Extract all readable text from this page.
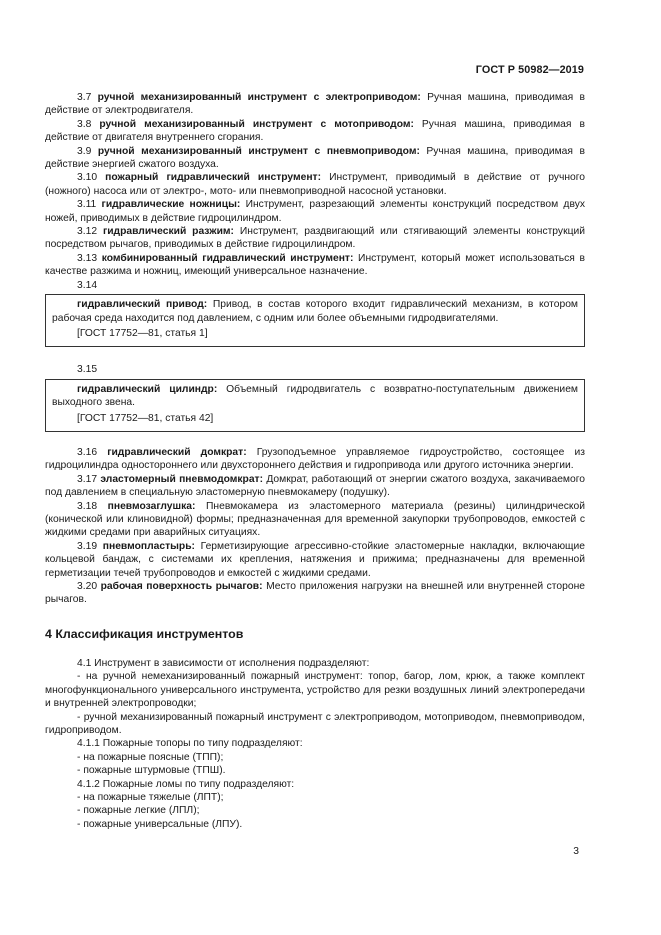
ГОСТ Р 50982—2019

3.7 ручной механизированный инструмент с электроприводом: Ручная машина, приводимая в действие от электродвигателя.

3.8 ручной механизированный инструмент с мотоприводом: Ручная машина, приводимая в действие от двигателя внутреннего сгорания.

3.9 ручной механизированный инструмент с пневмоприводом: Ручная машина, приводимая в действие энергией сжатого воздуха.

3.10 пожарный гидравлический инструмент: Инструмент, приводимый в действие от ручного (ножного) насоса или от электро-, мото- или пневмоприводной насосной установки.

3.11 гидравлические ножницы: Инструмент, разрезающий элементы конструкций посредством двух ножей, приводимых в действие гидроцилиндром.

3.12 гидравлический разжим: Инструмент, раздвигающий или стягивающий элементы конструкций посредством рычагов, приводимых в действие гидроцилиндром.

3.13 комбинированный гидравлический инструмент: Инструмент, который может использоваться в качестве разжима и ножниц, имеющий универсальное назначение.

3.14

гидравлический привод: Привод, в состав которого входит гидравлический механизм, в котором рабочая среда находится под давлением, с одним или более объемными гидродвигателями.

[ГОСТ 17752—81, статья 1]

3.15

гидравлический цилиндр: Объемный гидродвигатель с возвратно-поступательным движением выходного звена.

[ГОСТ 17752—81, статья 42]

3.16 гидравлический домкрат: Грузоподъемное управляемое гидроустройство, состоящее из гидроцилиндра одностороннего или двухстороннего действия и гидропривода или другого источника энергии.

3.17 эластомерный пневмодомкрат: Домкрат, работающий от энергии сжатого воздуха, закачиваемого под давлением в специальную эластомерную пневмокамеру (подушку).

3.18 пневмозаглушка: Пневмокамера из эластомерного материала (резины) цилиндрической (конической или клиновидной) формы; предназначенная для временной закупорки трубопроводов, емкостей с жидкими средами при аварийных ситуациях.

3.19 пневмопластырь: Герметизирующие агрессивно-стойкие эластомерные накладки, включающие кольцевой бандаж, с системами их крепления, натяжения и прижима; предназначены для временной герметизации течей трубопроводов и емкостей с жидкими средами.

3.20 рабочая поверхность рычагов: Место приложения нагрузки на внешней или внутренней стороне рычагов.

4 Классификация инструментов

4.1 Инструмент в зависимости от исполнения подразделяют:

- на ручной немеханизированный пожарный инструмент: топор, багор, лом, крюк, а также комплект многофункционального универсального инструмента, устройство для резки воздушных линий электропередачи и внутренней электропроводки;

- ручной механизированный пожарный инструмент с электроприводом, мотоприводом, пневмоприводом, гидроприводом.

4.1.1 Пожарные топоры по типу подразделяют:

- на пожарные поясные (ТПП);

- пожарные штурмовые (ТПШ).

4.1.2 Пожарные ломы по типу подразделяют:

- на пожарные тяжелые (ЛПТ);

- пожарные легкие (ЛПЛ);

- пожарные универсальные (ЛПУ).

3
